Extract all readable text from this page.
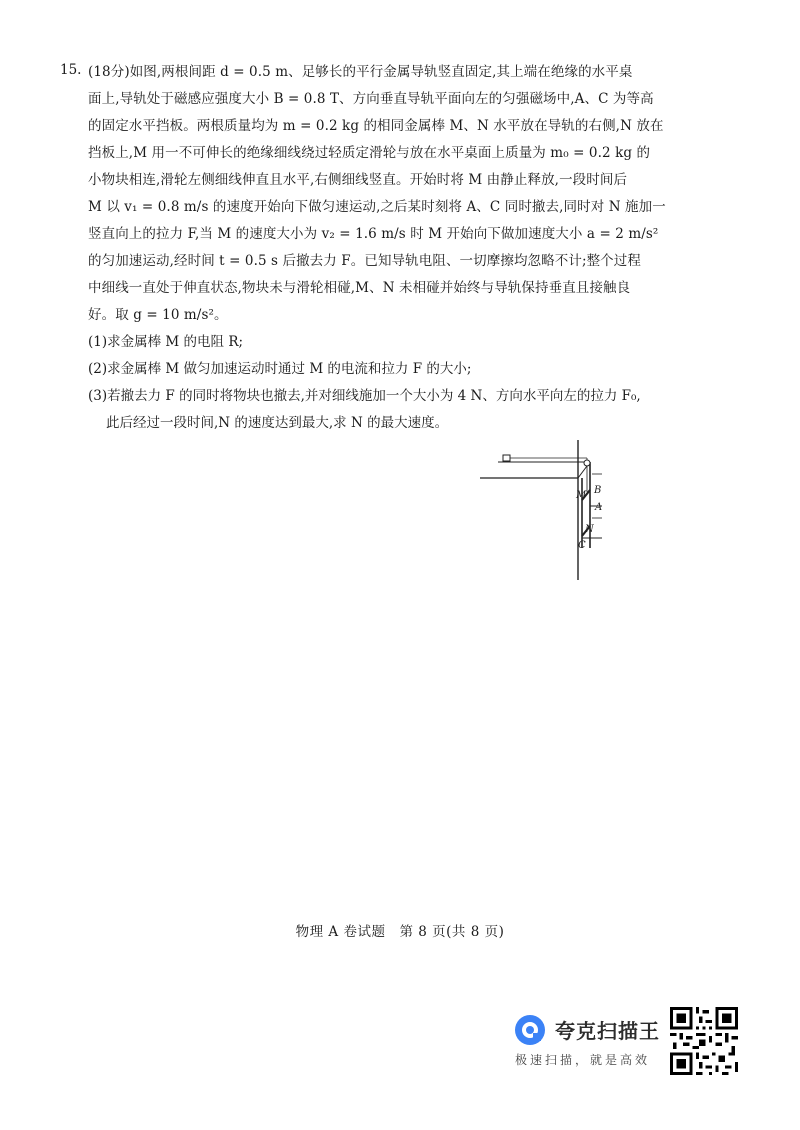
15. (18分)如图,两根间距 d = 0.5 m、足够长的平行金属导轨竖直固定,其上端在绝缘的水平桌
面上,导轨处于磁感应强度大小 B = 0.8 T、方向垂直导轨平面向左的匀强磁场中,A、C 为等高
的固定水平挡板。两根质量均为 m = 0.2 kg 的相同金属棒 M、N 水平放在导轨的右侧,N 放在
挡板上,M 用一不可伸长的绝缘细线绕过轻质定滑轮与放在水平桌面上质量为 m₀ = 0.2 kg 的
小物块相连,滑轮左侧细线伸直且水平,右侧细线竖直。开始时将 M 由静止释放,一段时间后
M 以 v₁ = 0.8 m/s 的速度开始向下做匀速运动,之后某时刻将 A、C 同时撤去,同时对 N 施加一
竖直向上的拉力 F,当 M 的速度大小为 v₂ = 1.6 m/s 时 M 开始向下做加速度大小 a = 2 m/s²
的匀加速运动,经时间 t = 0.5 s 后撤去力 F。已知导轨电阻、一切摩擦均忽略不计;整个过程
中细线一直处于伸直状态,物块未与滑轮相碰,M、N 未相碰并始终与导轨保持垂直且接触良
好。取 g = 10 m/s²。
(1)求金属棒 M 的电阻 R;
(2)求金属棒 M 做匀加速运动时通过 M 的电流和拉力 F 的大小;
(3)若撤去力 F 的同时将物块也撤去,并对细线施加一个大小为 4 N、方向水平向左的拉力 F₀,
此后经过一段时间,N 的速度达到最大,求 N 的最大速度。
B
M
A
N
C
物理 A 卷试题　第 8 页(共 8 页)
夸克扫描王
极速扫描，就是高效
